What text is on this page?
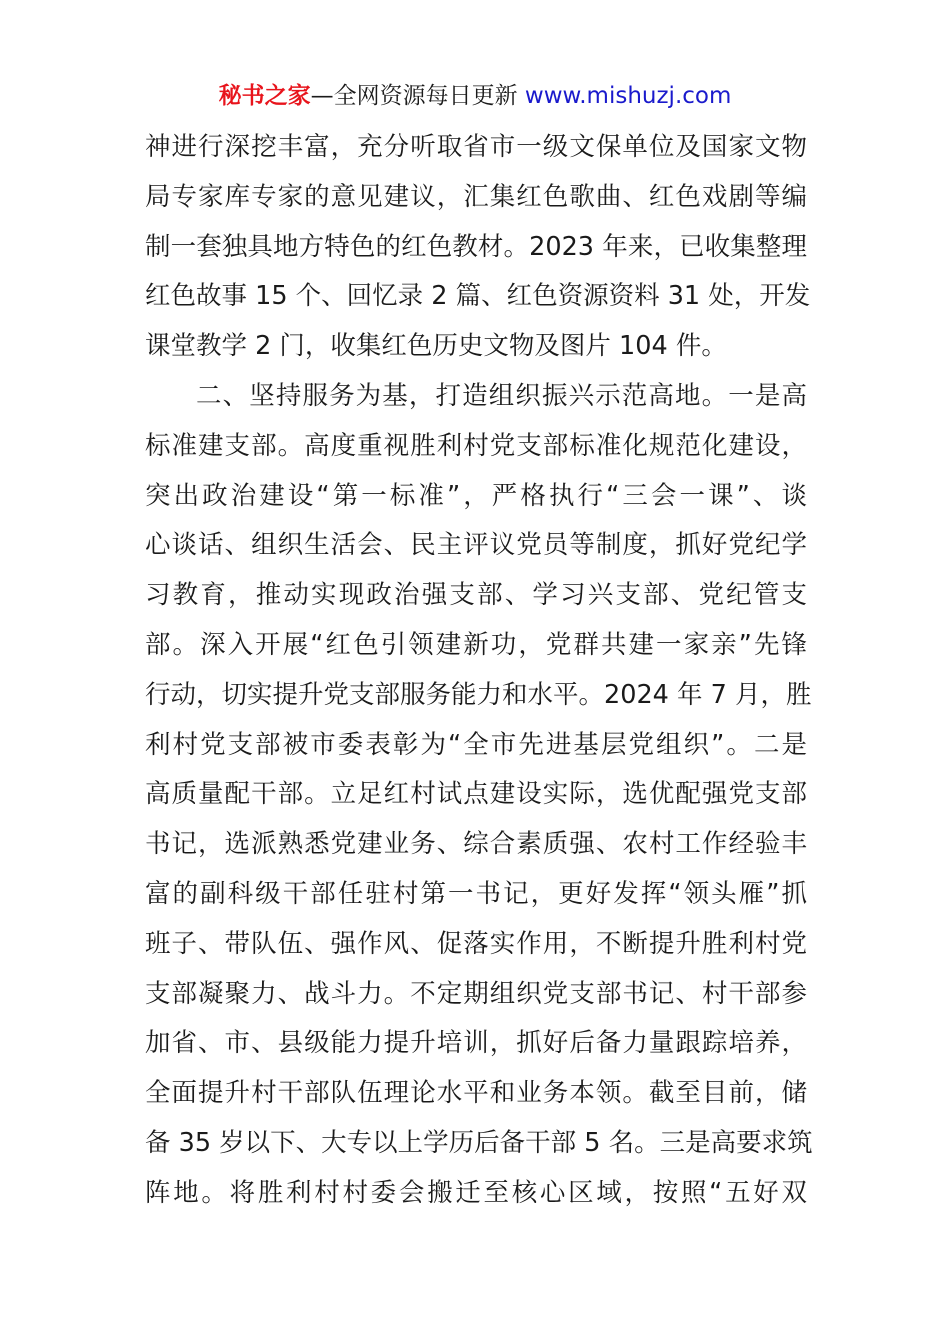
秘书之家—全网资源每日更新 www.mishuzj.com
神进行深挖丰富，充分听取省市一级文保单位及国家文物
局专家库专家的意见建议，汇集红色歌曲、红色戏剧等编
制一套独具地方特色的红色教材。2023 年来，已收集整理
红色故事 15 个、回忆录 2 篇、红色资源资料 31 处，开发
课堂教学 2 门，收集红色历史文物及图片 104 件。
二、坚持服务为基，打造组织振兴示范高地。一是高
标准建支部。高度重视胜利村党支部标准化规范化建设，
突出政治建设“第一标准”，严格执行“三会一课”、谈
心谈话、组织生活会、民主评议党员等制度，抓好党纪学
习教育，推动实现政治强支部、学习兴支部、党纪管支
部。深入开展“红色引领建新功，党群共建一家亲”先锋
行动，切实提升党支部服务能力和水平。2024 年 7 月，胜
利村党支部被市委表彰为“全市先进基层党组织”。二是
高质量配干部。立足红村试点建设实际，选优配强党支部
书记，选派熟悉党建业务、综合素质强、农村工作经验丰
富的副科级干部任驻村第一书记，更好发挥“领头雁”抓
班子、带队伍、强作风、促落实作用，不断提升胜利村党
支部凝聚力、战斗力。不定期组织党支部书记、村干部参
加省、市、县级能力提升培训，抓好后备力量跟踪培养，
全面提升村干部队伍理论水平和业务本领。截至目前，储
备 35 岁以下、大专以上学历后备干部 5 名。三是高要求筑
阵地。将胜利村村委会搬迁至核心区域，按照“五好双
